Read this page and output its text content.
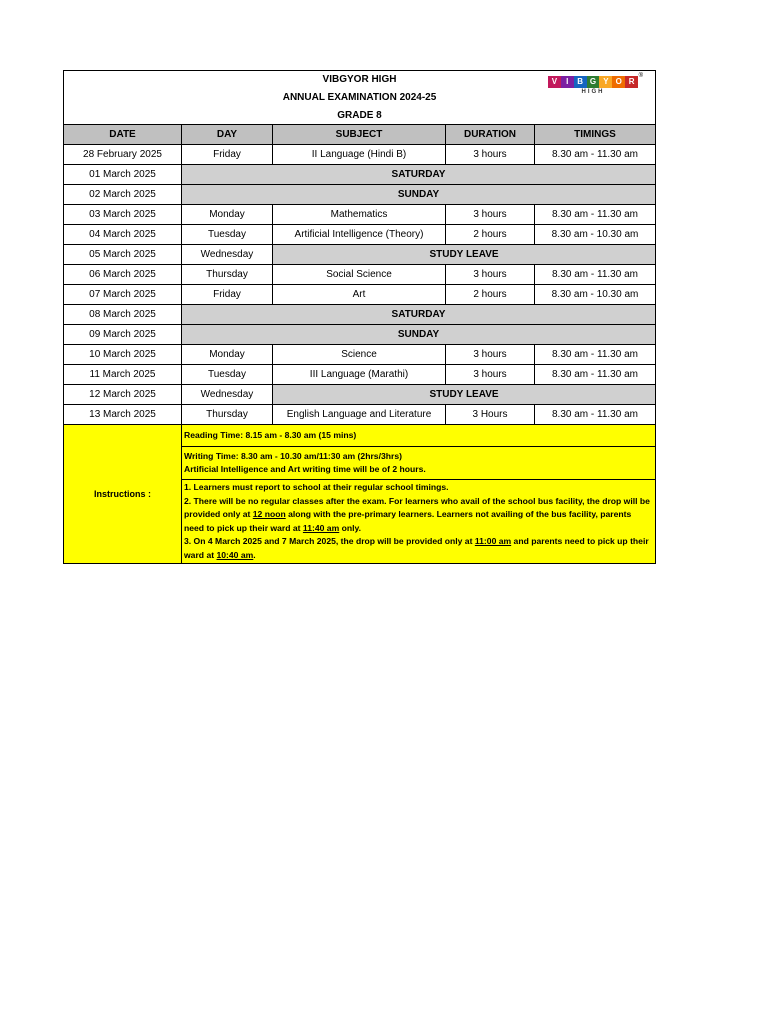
VIBGYOR HIGH				
ANNUAL EXAMINATION 2024-25				
GRADE 8				
DATE	DAY	SUBJECT	DURATION	TIMINGS
28 February 2025	Friday	II Language (Hindi B)	3 hours	8.30 am - 11.30 am
01 March 2025	SATURDAY			
02 March 2025	SUNDAY			
03 March 2025	Monday	Mathematics	3 hours	8.30 am - 11.30 am
04 March 2025	Tuesday	Artificial Intelligence (Theory)	2 hours	8.30 am - 10.30 am
05 March 2025	Wednesday	STUDY LEAVE		
06 March 2025	Thursday	Social Science	3 hours	8.30 am - 11.30 am
07 March 2025	Friday	Art	2 hours	8.30 am - 10.30 am
08 March 2025	SATURDAY			
09 March 2025	SUNDAY			
10 March 2025	Monday	Science	3 hours	8.30 am - 11.30 am
11 March 2025	Tuesday	III Language (Marathi)	3 hours	8.30 am - 11.30 am
12 March 2025	Wednesday	STUDY LEAVE		
13 March 2025	Thursday	English Language and Literature	3 Hours	8.30 am - 11.30 am
Instructions :	Reading Time: 8.15 am - 8.30 am (15 mins)			

	Writing Time: 8.30 am - 10.30 am/11:30 am (2hrs/3hrs)
Artificial Intelligence and Art writing time will be of 2 hours.			

	1. Learners must report to school at their regular school timings.
2. There will be no regular classes after the exam. For learners who avail of the school bus facility, the drop will be provided only at 12 noon along with the pre-primary learners. Learners not availing of the bus facility, parents need to pick up their ward at 11:40 am only.
3. On 4 March 2025 and 7 March 2025, the drop will be provided only at 11:00 am and parents need to pick up their ward at 10:40 am.			
V	I	B G Y O R
HIGH
®
